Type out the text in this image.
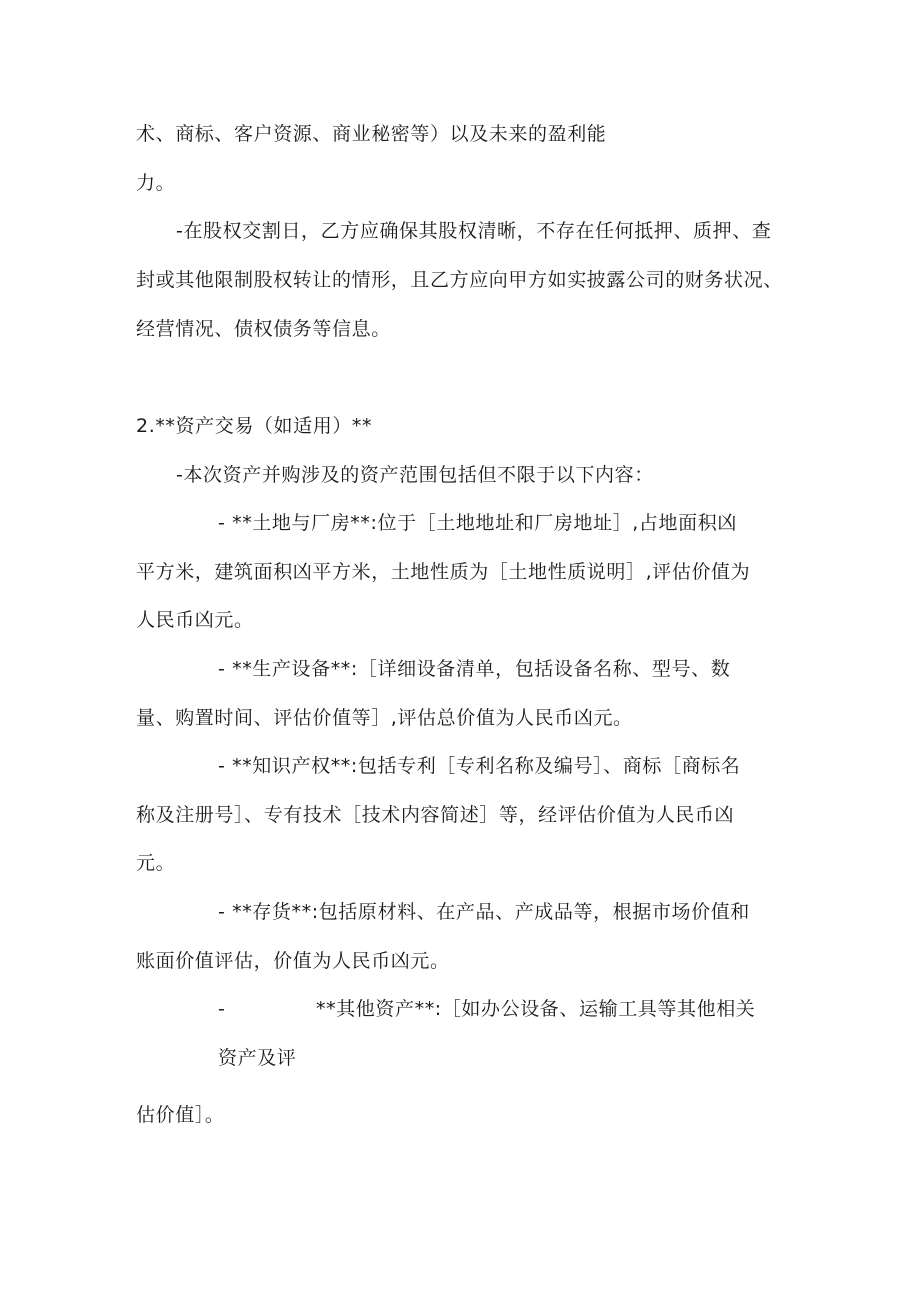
术、商标、客户资源、商业秘密等）以及未来的盈利能
力。
-在股权交割日，乙方应确保其股权清晰，不存在任何抵押、质押、查
封或其他限制股权转让的情形，且乙方应向甲方如实披露公司的财务状况、
经营情况、债权债务等信息。
2.**资产交易（如适用）**
-本次资产并购涉及的资产范围包括但不限于以下内容：
- **土地与厂房**:位于［土地地址和厂房地址］,占地面积凶
平方米，建筑面积凶平方米，土地性质为［土地性质说明］,评估价值为
人民币凶元。
- **生产设备**:［详细设备清单，包括设备名称、型号、数
量、购置时间、评估价值等］,评估总价值为人民币凶元。
- **知识产权**:包括专利［专利名称及编号］、商标［商标名
称及注册号］、专有技术［技术内容简述］等，经评估价值为人民币凶
元。
- **存货**:包括原材料、在产品、产成品等，根据市场价值和
账面价值评估，价值为人民币凶元。
-	**其他资产**:［如办公设备、运输工具等其他相关
资产及评
估价值］。
